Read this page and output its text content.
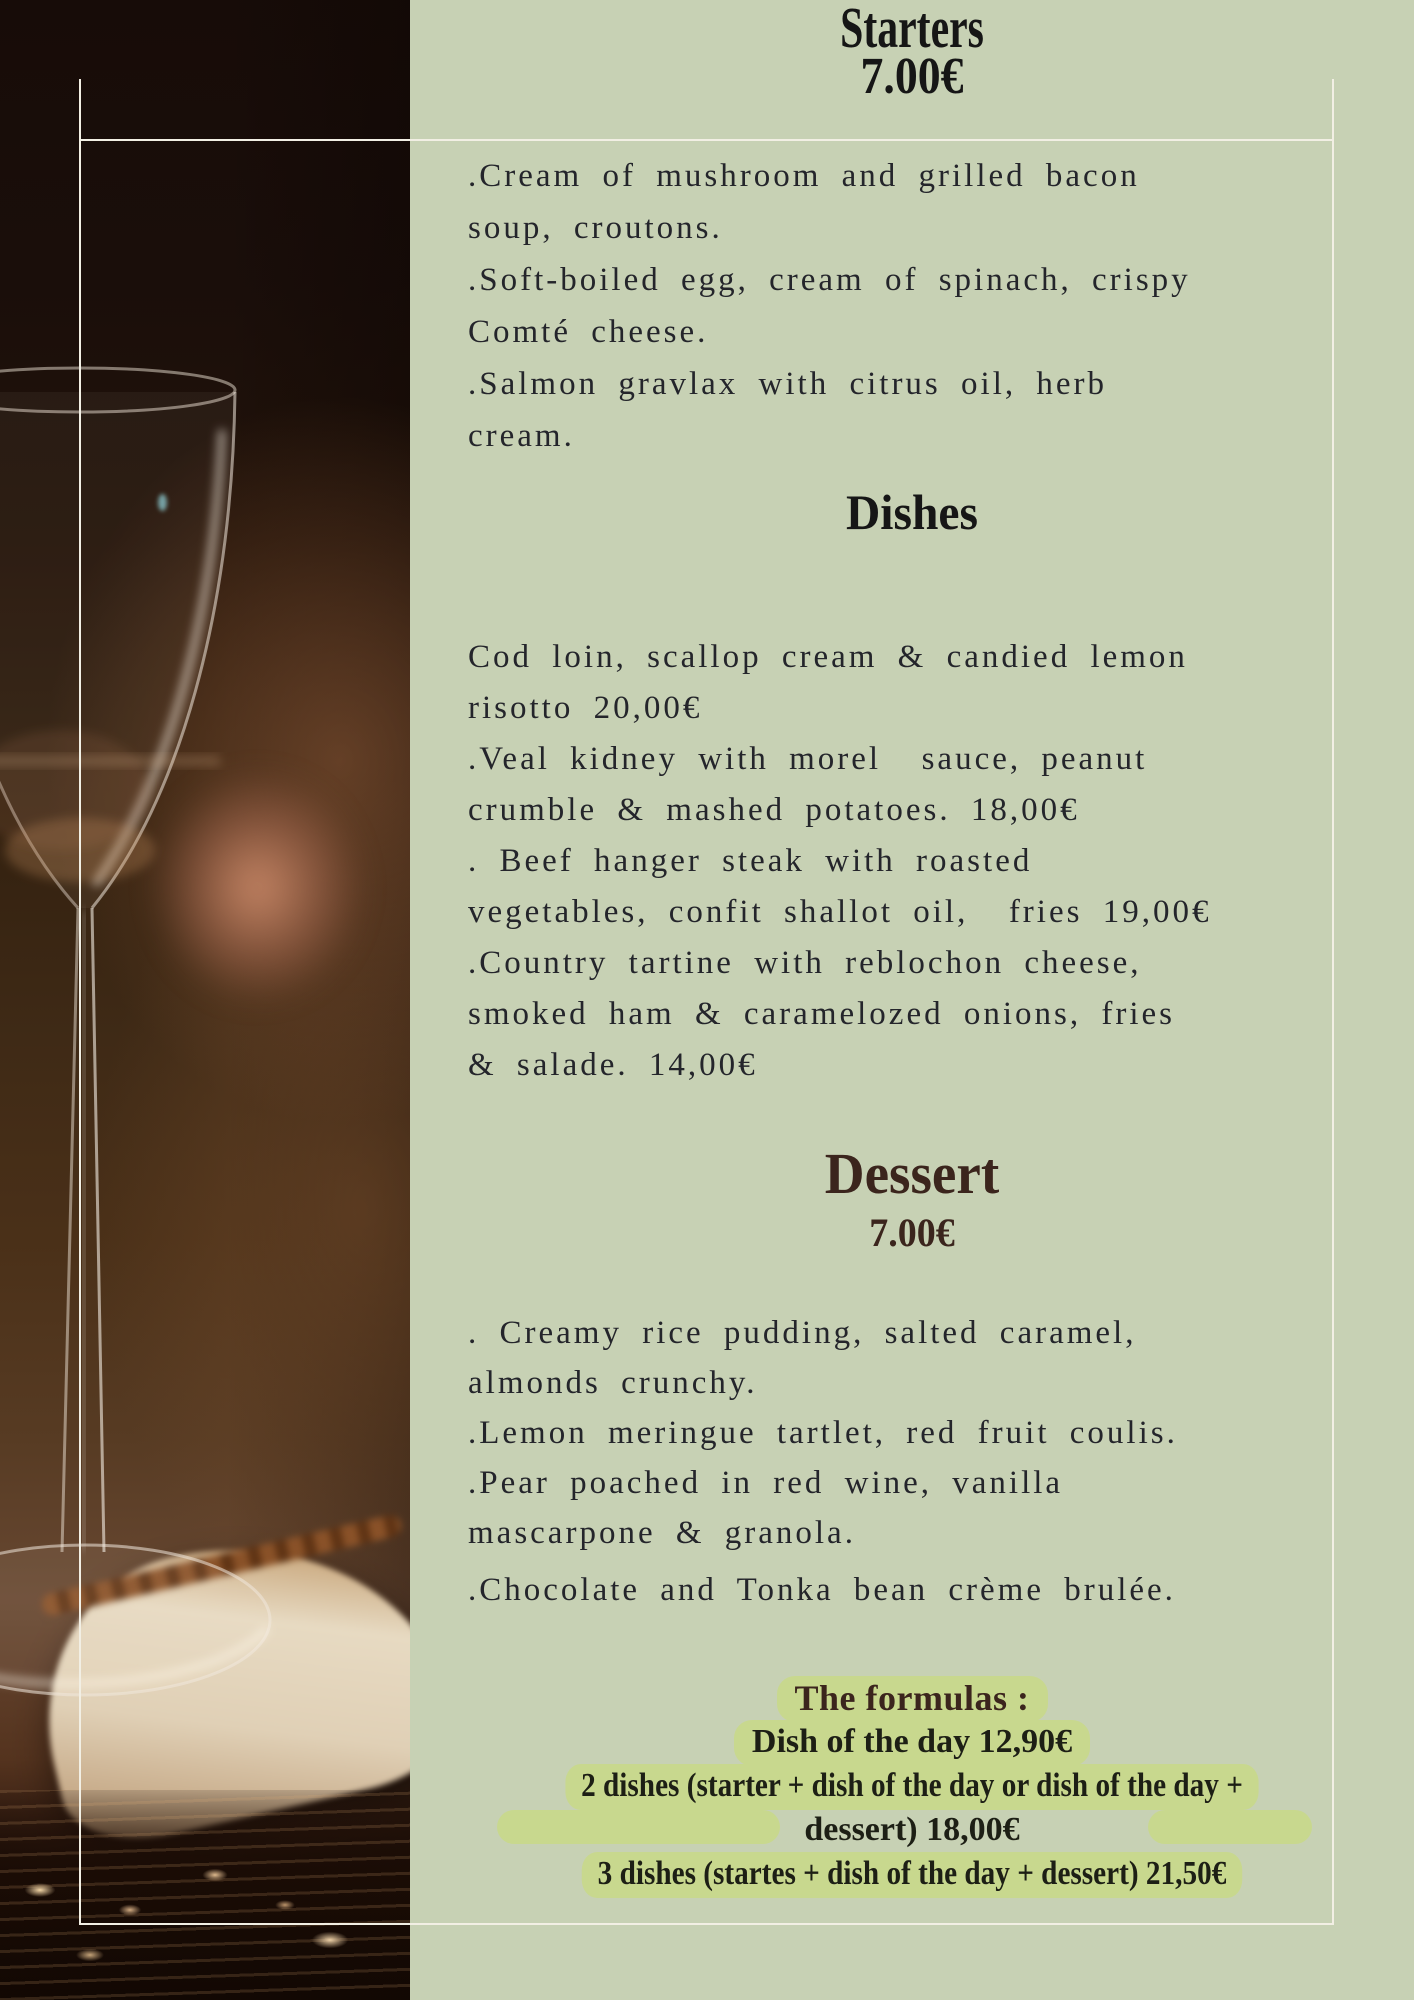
Starters
7.00€
.Cream of mushroom and grilled bacon
soup, croutons.
.Soft-boiled egg, cream of spinach, crispy
Comté cheese.
.Salmon gravlax with citrus oil, herb
cream.
Dishes
Cod loin, scallop cream & candied lemon
risotto 20,00€
.Veal kidney with morel  sauce, peanut
crumble & mashed potatoes. 18,00€
. Beef hanger steak with roasted
vegetables, confit shallot oil,  fries 19,00€
.Country tartine with reblochon cheese,
smoked ham & caramelozed onions, fries
& salade. 14,00€
Dessert
7.00€
. Creamy rice pudding, salted caramel,
almonds crunchy.
.Lemon meringue tartlet, red fruit coulis.
.Pear poached in red wine, vanilla
mascarpone & granola.
.Chocolate and Tonka bean crème brulée.
The formulas :
Dish of the day 12,90€
2 dishes (starter + dish of the day or dish of the day +
dessert) 18,00€
3 dishes (startes + dish of the day + dessert) 21,50€
